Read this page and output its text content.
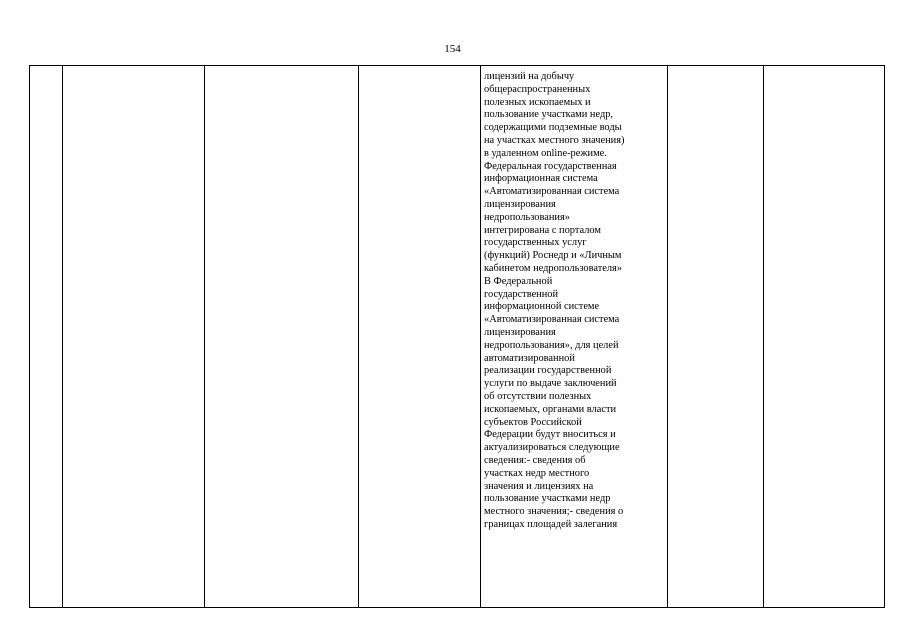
154

лицензий на добычу
общераспространенных
полезных ископаемых и
пользование участками недр,
содержащими подземные воды
на участках местного значения)
в удаленном online-режиме.
Федеральная государственная
информационная система
«Автоматизированная система
лицензирования
недропользования»
интегрирована с порталом
государственных услуг
(функций) Роснедр и «Личным
кабинетом недропользователя»
В Федеральной
государственной
информационной системе
«Автоматизированная система
лицензирования
недропользования», для целей
автоматизированной
реализации государственной
услуги по выдаче заключений
об отсутствии полезных
ископаемых, органами власти
субъектов Российской
Федерации будут вноситься и
актуализироваться следующие
сведения:- сведения об
участках недр местного
значения и лицензиях на
пользование участками недр
местного значения;- сведения о
границах площадей залегания
